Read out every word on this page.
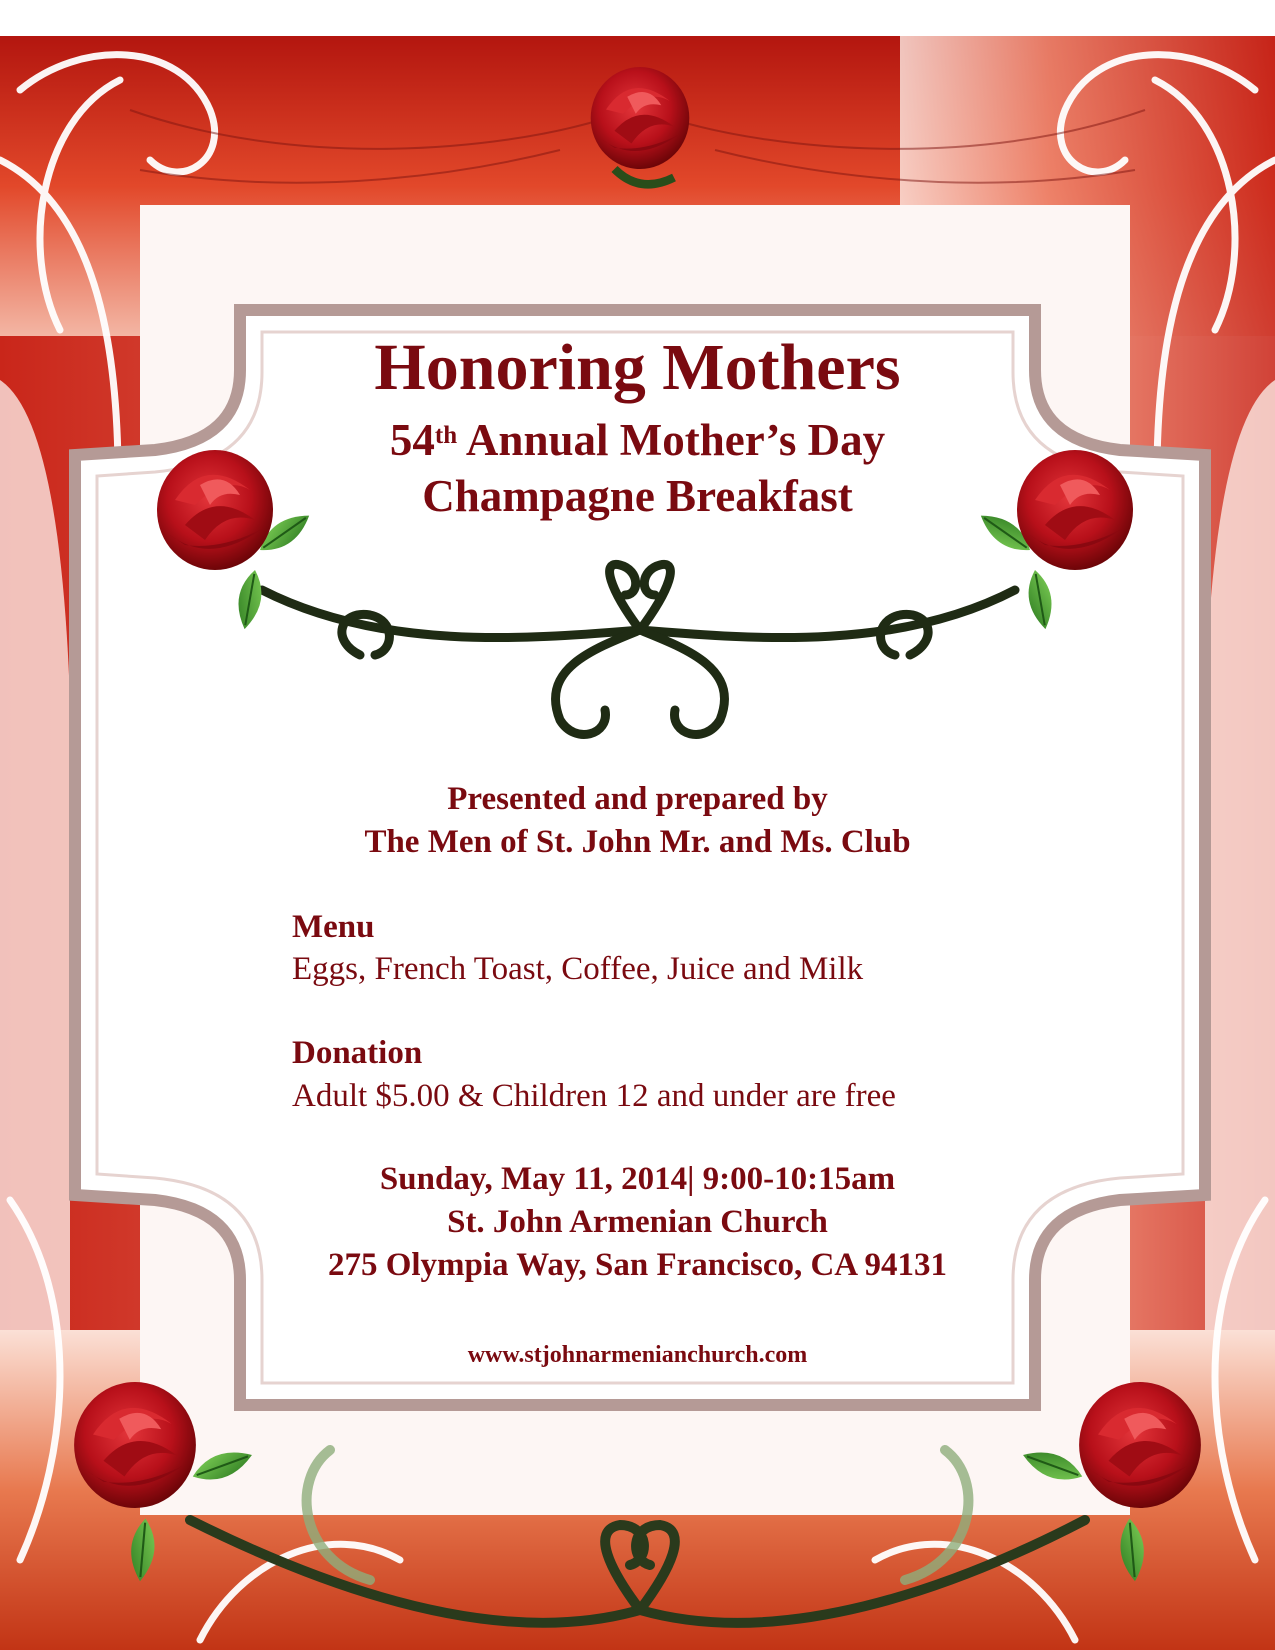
Honoring Mothers
54th Annual Mother’s Day
Champagne Breakfast
Presented and prepared by
The Men of St. John Mr. and Ms. Club
Menu
Eggs, French Toast, Coffee, Juice and Milk
Donation
Adult $5.00 & Children 12 and under are free
Sunday, May 11, 2014| 9:00-10:15am
St. John Armenian Church
275 Olympia Way, San Francisco, CA 94131
www.stjohnarmenianchurch.com
